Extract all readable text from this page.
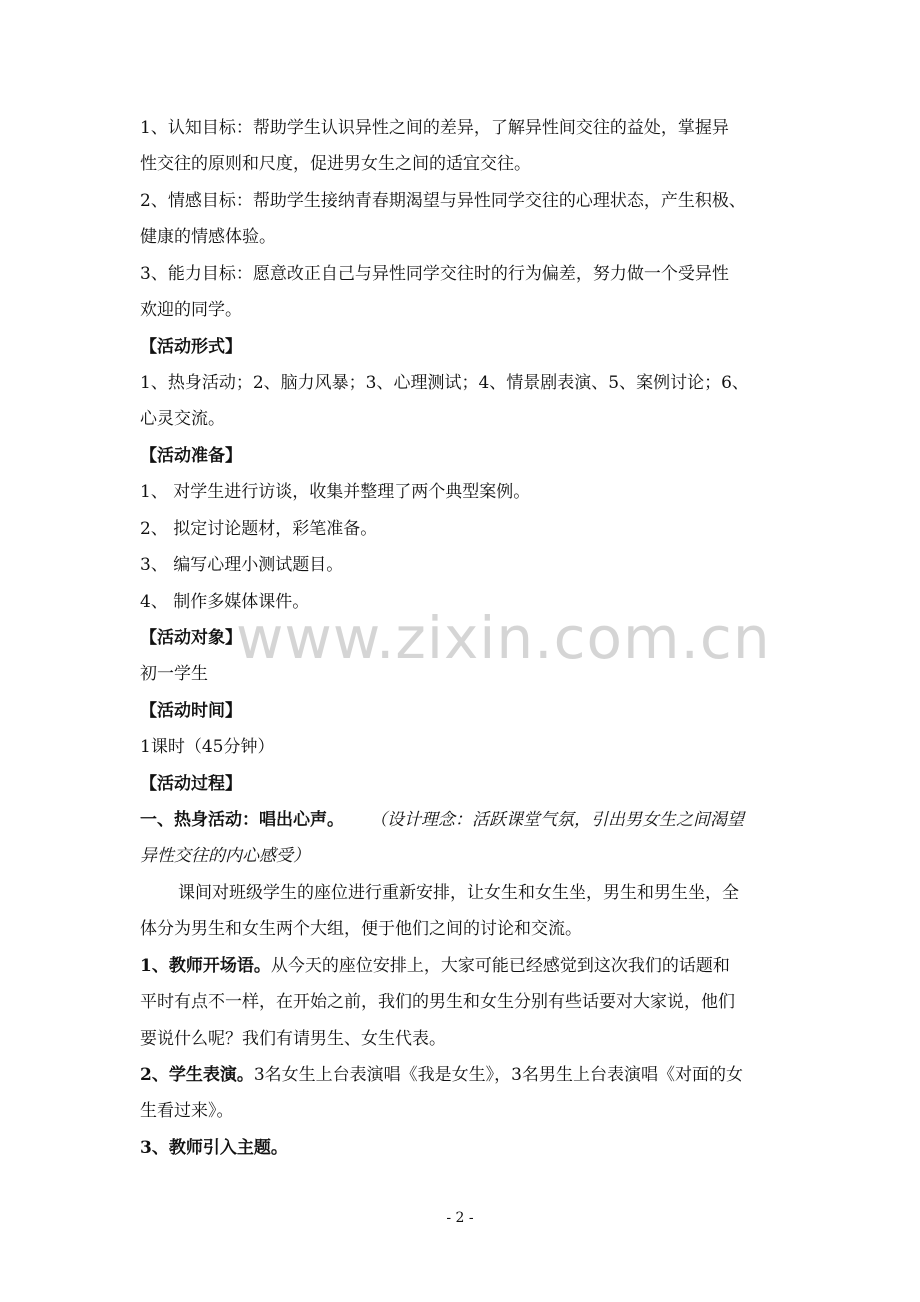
1、认知目标：帮助学生认识异性之间的差异，了解异性间交往的益处，掌握异
性交往的原则和尺度，促进男女生之间的适宜交往。
2、情感目标：帮助学生接纳青春期渴望与异性同学交往的心理状态，产生积极、
健康的情感体验。
3、能力目标：愿意改正自己与异性同学交往时的行为偏差，努力做一个受异性
欢迎的同学。
【活动形式】
1、热身活动；2、脑力风暴；3、心理测试；4、情景剧表演、5、案例讨论；6、
心灵交流。
【活动准备】
1、 对学生进行访谈，收集并整理了两个典型案例。
2、 拟定讨论题材，彩笔准备。
3、 编写心理小测试题目。
4、 制作多媒体课件。
【活动对象】
初一学生
【活动时间】
1课时（45分钟）
【活动过程】
一、热身活动：唱出心声。 （设计理念：活跃课堂气氛，引出男女生之间渴望
异性交往的内心感受）
课间对班级学生的座位进行重新安排，让女生和女生坐，男生和男生坐，全
体分为男生和女生两个大组，便于他们之间的讨论和交流。
1、教师开场语。从今天的座位安排上，大家可能已经感觉到这次我们的话题和
平时有点不一样，在开始之前，我们的男生和女生分别有些话要对大家说，他们
要说什么呢？我们有请男生、女生代表。
2、学生表演。3名女生上台表演唱《我是女生》，3名男生上台表演唱《对面的女
生看过来》。
3、教师引入主题。
www.zixin.com.cn
- 2 -
